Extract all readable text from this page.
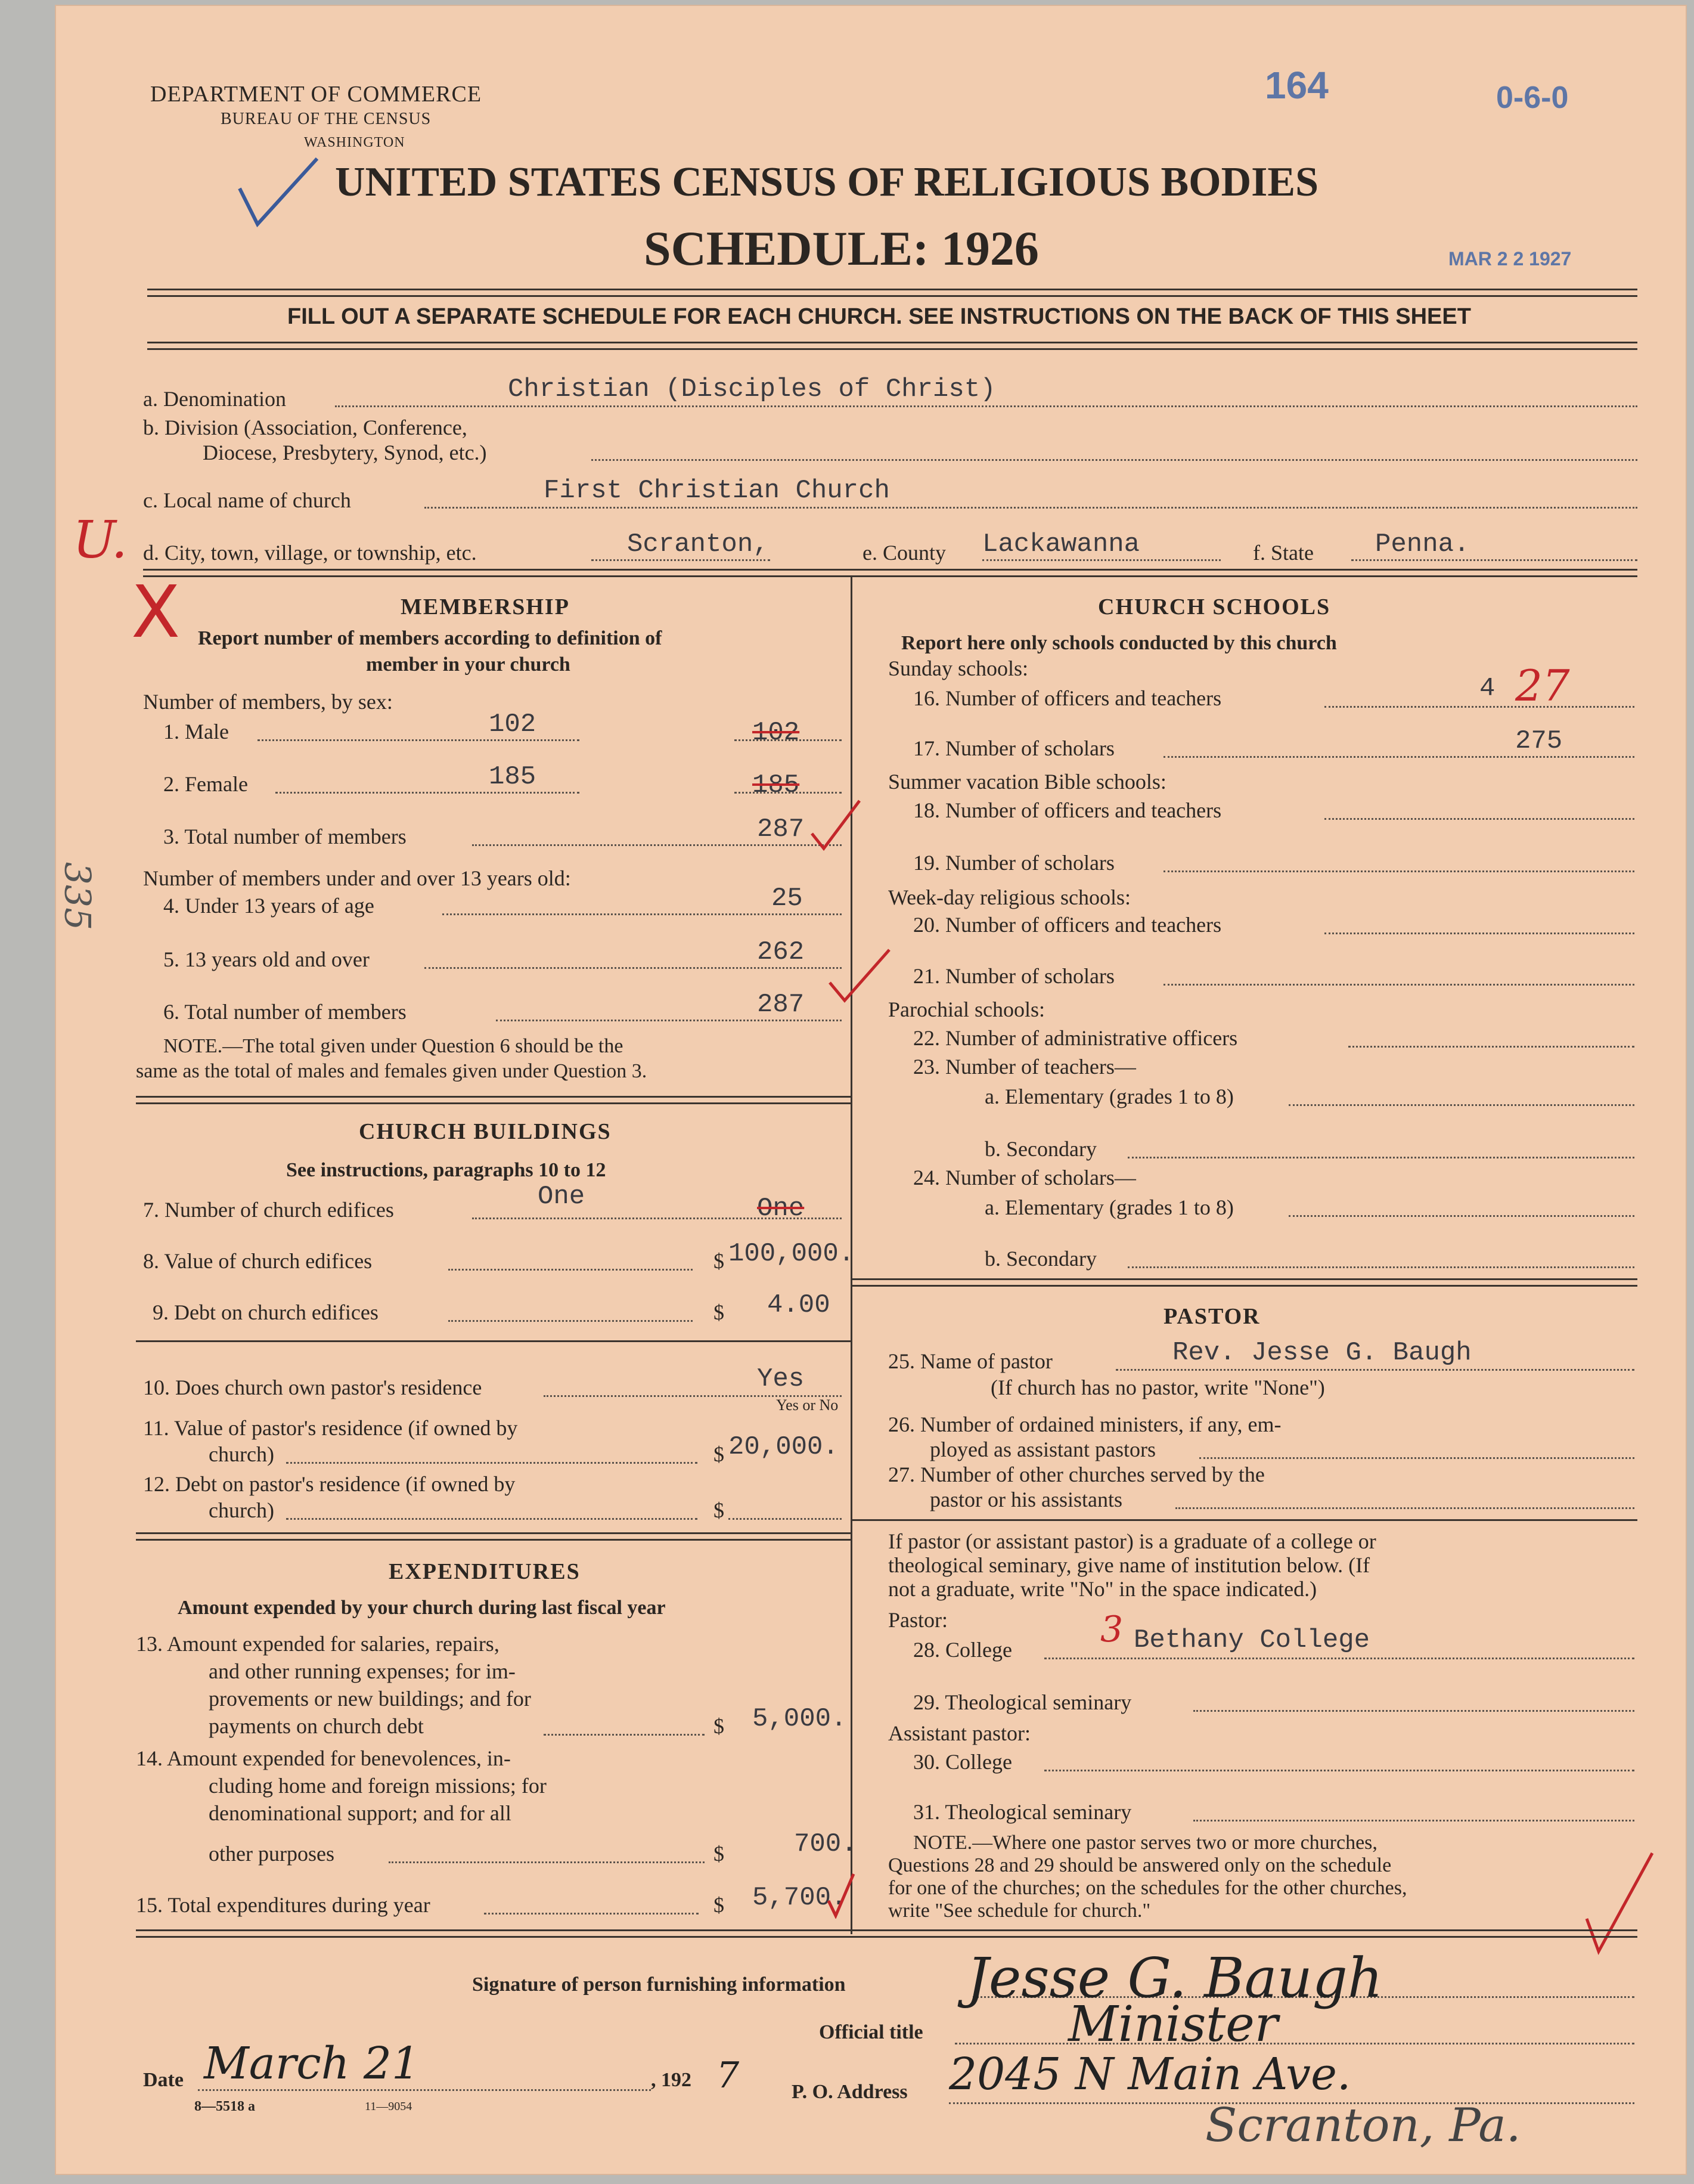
DEPARTMENT OF COMMERCE
BUREAU OF THE CENSUS
WASHINGTON
164	0-6-0
MAR 2 2 1927
UNITED STATES CENSUS OF RELIGIOUS BODIES
SCHEDULE: 1926
FILL OUT A SEPARATE SCHEDULE FOR EACH CHURCH. SEE INSTRUCTIONS ON THE BACK OF THIS SHEET
a. Denomination	Christian (Disciples of Christ)
b. Division (Association, Conference,
Diocese, Presbytery, Synod, etc.)
c. Local name of church	First Christian Church
d. City, town, village, or township, etc.	Scranton,	e. County Lackawanna	f. State Penna.
U.
X
335
MEMBERSHIP
Report number of members according to definition of
member in your church
Number of members, by sex:
1. Male	102	102
2. Female	185	185
3. Total number of members	287
Number of members under and over 13 years old:
4. Under 13 years of age	25
5. 13 years old and over	262
6. Total number of members	287
NOTE.—The total given under Question 6 should be the
same as the total of males and females given under Question 3.
CHURCH BUILDINGS
See instructions, paragraphs 10 to 12
7. Number of church edifices	One	One
8. Value of church edifices	$ 100,000.
9. Debt on church edifices	$ 4.00
10. Does church own pastor's residence	Yes
Yes or No
11. Value of pastor's residence (if owned by
church)	$ 20,000.
12. Debt on pastor's residence (if owned by
church)	$
EXPENDITURES
Amount expended by your church during last fiscal year
13. Amount expended for salaries, repairs,
and other running expenses; for im-
provements or new buildings; and for
payments on church debt	$ 5,000.
14. Amount expended for benevolences, in-
cluding home and foreign missions; for
denominational support; and for all
other purposes	$	700.
15. Total expenditures during year	$ 5,700.
CHURCH SCHOOLS
Report here only schools conducted by this church
Sunday schools:
16. Number of officers and teachers	4 27
17. Number of scholars	275
Summer vacation Bible schools:
18. Number of officers and teachers
19. Number of scholars
Week-day religious schools:
20. Number of officers and teachers
21. Number of scholars
Parochial schools:
22. Number of administrative officers
23. Number of teachers—
a. Elementary (grades 1 to 8)
b. Secondary
24. Number of scholars—
a. Elementary (grades 1 to 8)
b. Secondary
PASTOR
25. Name of pastor	Rev. Jesse G. Baugh
(If church has no pastor, write "None")
26. Number of ordained ministers, if any, em-
ployed as assistant pastors
27. Number of other churches served by the
pastor or his assistants
If pastor (or assistant pastor) is a graduate of a college or
theological seminary, give name of institution below. (If
not a graduate, write "No" in the space indicated.)
Pastor:
28. College 3 Bethany College
29. Theological seminary
Assistant pastor:
30. College
31. Theological seminary
NOTE.—Where one pastor serves two or more churches,
Questions 28 and 29 should be answered only on the schedule
for one of the churches; on the schedules for the other churches,
write "See schedule for church."
Signature of person furnishing information Jesse G. Baugh
Official title	Minister
Date March 21	, 192 7
8—5518 a	11—9054
P. O. Address 2045 N Main Ave.
Scranton, Pa.
